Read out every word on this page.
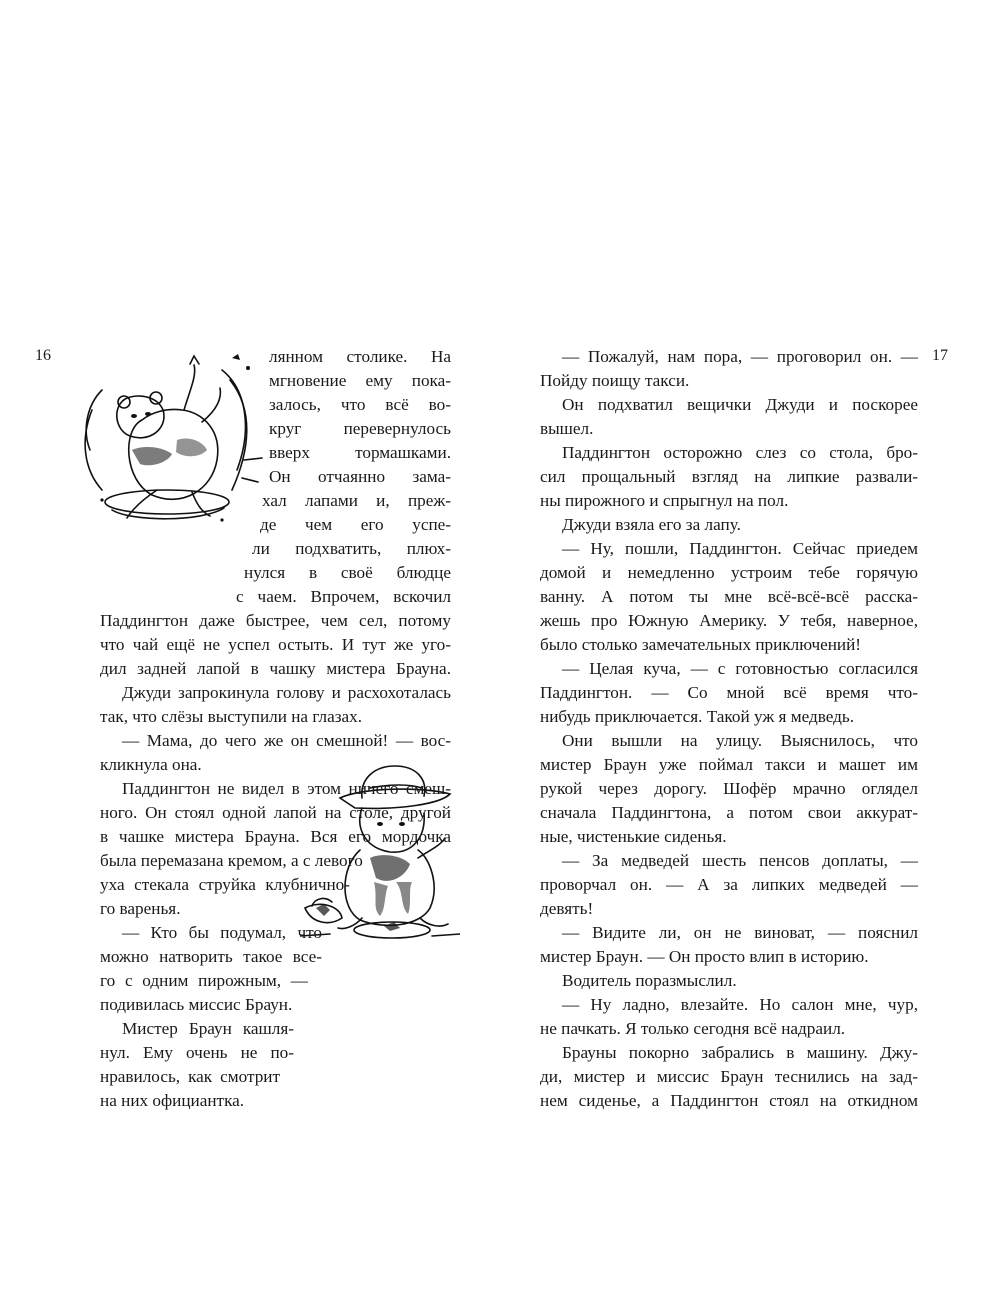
16	17
лянном столике. На
мгновение ему пока-
залось, что всё во-
круг перевернулось
вверх тормашками.
Он отчаянно зама-
хал лапами и, преж-
де чем его успе-
ли подхватить, плюх-
нулся в своё блюдце
с чаем. Впрочем, вскочил
Паддингтон даже быстрее, чем сел, потому
что чай ещё не успел остыть. И тут же уго-
дил задней лапой в чашку мистера Брауна.
Джуди запрокинула голову и расхохоталась
так, что слёзы выступили на глазах.
— Мама, до чего же он смешной! — вос-
кликнула она.
Паддингтон не видел в этом ничего смеш-
ного. Он стоял одной лапой на столе, другой
в чашке мистера Брауна. Вся его мордочка
была перемазана кремом, а с левого
уха стекала струйка клубнично-
го варенья.
— Кто бы подумал, что
можно натворить такое все-
го с одним пирожным, —
подивилась миссис Браун.
Мистер Браун кашля-
нул. Ему очень не по-
нравилось, как смотрит
на них официантка.
— Пожалуй, нам пора, — проговорил он. —
Пойду поищу такси.
Он подхватил вещички Джуди и поскорее
вышел.
Паддингтон осторожно слез со стола, бро-
сил прощальный взгляд на липкие развали-
ны пирожного и спрыгнул на пол.
Джуди взяла его за лапу.
— Ну, пошли, Паддингтон. Сейчас приедем
домой и немедленно устроим тебе горячую
ванну. А потом ты мне всё-всё-всё расска-
жешь про Южную Америку. У тебя, наверное,
было столько замечательных приключений!
— Целая куча, — с готовностью согласился
Паддингтон. — Со мной всё время что-
нибудь приключается. Такой уж я медведь.
Они вышли на улицу. Выяснилось, что
мистер Браун уже поймал такси и машет им
рукой через дорогу. Шофёр мрачно оглядел
сначала Паддингтона, а потом свои аккурат-
ные, чистенькие сиденья.
— За медведей шесть пенсов доплаты, —
проворчал он. — А за липких медведей —
девять!
— Видите ли, он не виноват, — пояснил
мистер Браун. — Он просто влип в историю.
Водитель поразмыслил.
— Ну ладно, влезайте. Но салон мне, чур,
не пачкать. Я только сегодня всё надраил.
Брауны покорно забрались в машину. Джу-
ди, мистер и миссис Браун теснились на зад-
нем сиденье, а Паддингтон стоял на откидном
